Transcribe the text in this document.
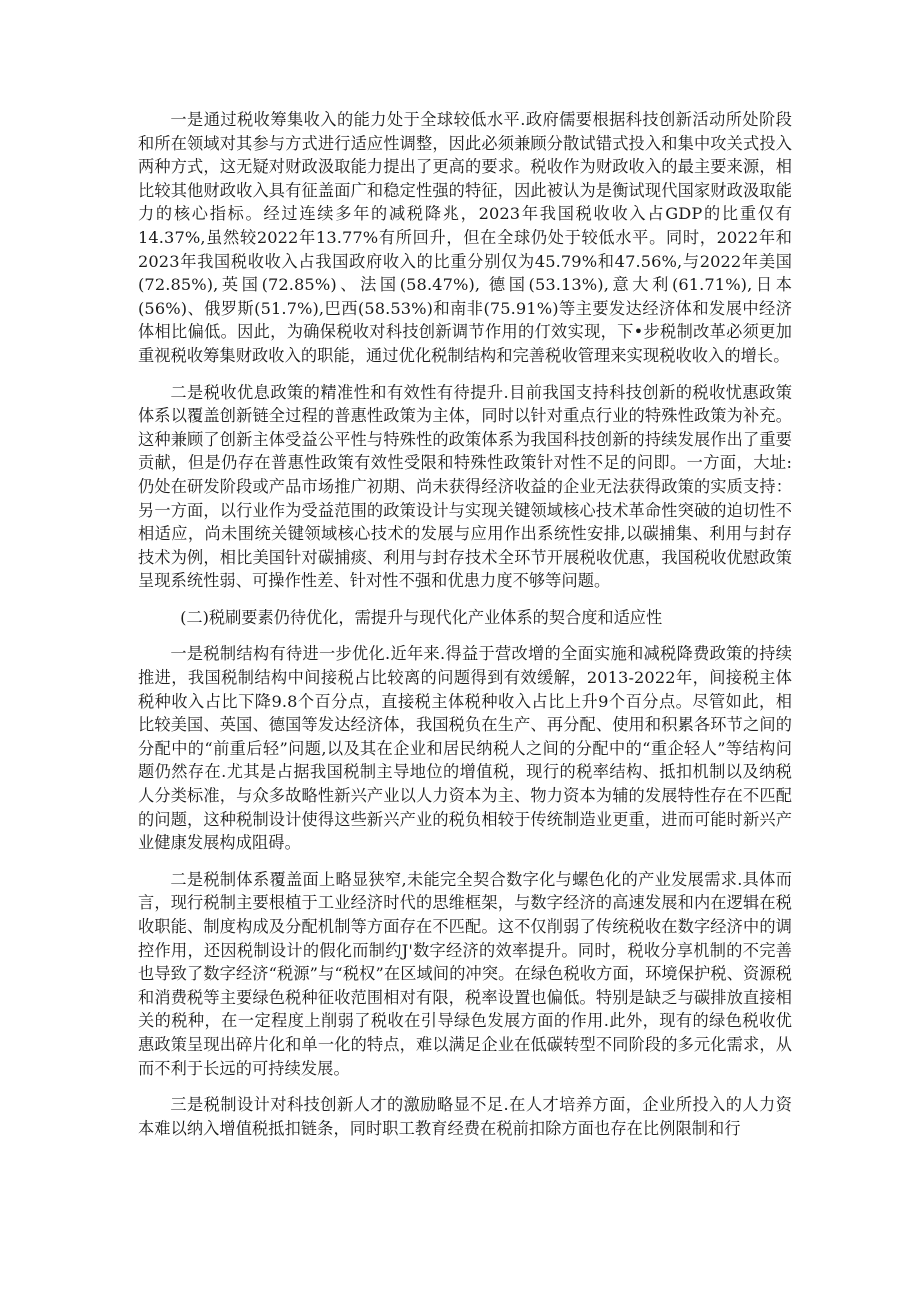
一是通过税收筹集收入的能力处于全球较低水平.政府儒要根据科技创新活动所处阶段和所在领域对其参与方式进行适应性调整，因此必须兼顾分散试错式投入和集中攻关式投入两种方式，这无疑对财政汲取能力提出了更高的要求。税收作为财政收入的最主要来源，相比较其他财政收入具有征盖面广和稳定性强的特征，因此被认为是衡试现代国家财政汲取能力的核心指标。经过连续多年的减税降兆，2023年我国税收收入占GDP的比重仅有14.37%,虽然较2022年13.77%有所回升，但在全球仍处于较低水平。同时，2022年和2023年我国税收收入占我国政府收入的比重分别仅为45.79%和47.56%,与2022年美国(72.85%),英国(72.85%)、法国(58.47%), 德国(53.13%),意大利(61.71%),日本(56%)、俄罗斯(51.7%),巴西(58.53%)和南非(75.91%)等主要发达经济体和发展中经济体相比偏低。因此，为确保税收对科技创新调节作用的仃效实现，下•步税制改革必须更加重视税收筹集财政收入的职能，通过优化税制结构和完善税收管理来实现税收收入的增长。

二是税收优息政策的精准性和有效性有待提升.目前我国支持科技创新的税收忧惠政策体系以覆盖创新链全过程的普惠性政策为主体，同时以针对重点行业的特殊性政策为补充。这种兼顾了创新主体受益公平性与特殊性的政策体系为我国科技创新的持续发展作出了重要贡献，但是仍存在普惠性政策有效性受限和特殊性政策针对性不足的问即。一方面，大址:仍处在研发阶段或产品市场推广初期、尚未获得经济收益的企业无法获得政策的实质支持：另一方面，以行业作为受益范围的政策设计与实现关键领域核心技术革命性突破的迫切性不相适应，尚未围统关键领域核心技术的发展与应用作出系统性安排,以碳捕集、利用与封存技术为例，相比美国针对碳捕痰、利用与封存技术全环节开展税收优惠，我国税收优慰政策呈现系统性弱、可操作性差、针对性不强和优患力度不够等问题。

(二)税刷要素仍待优化，需提升与现代化产业体系的契合度和适应性

一是税制结构有待进一步优化.近年来.得益于营改增的全面实施和减税降费政策的持续推进，我国税制结构中间接税占比较离的问题得到有效缓解，2013-2022年，间接税主体税种收入占比下降9.8个百分点，直接税主体税种收入占比上升9个百分点。尽管如此，相比较美国、英国、德国等发达经济体，我国税负在生产、再分配、使用和积累各环节之间的分配中的“前重后轻”问题,以及其在企业和居民纳税人之间的分配中的“重企轻人”等结构问题仍然存在.尤其是占据我国税制主导地位的增值税，现行的税率结构、抵扣机制以及纳税人分类标准，与众多故略性新兴产业以人力资本为主、物力资本为辅的发展特性存在不匹配的问题，这种税制设计使得这些新兴产业的税负相较于传统制造业更重，进而可能时新兴产业健康发展构成阻碍。

二是税制体系覆盖面上略显狭窄,未能完全契合数字化与螺色化的产业发展需求.具体而言，现行税制主要根植于工业经济时代的思维框架，与数字经济的高速发展和内在逻辑在税收职能、制度构成及分配机制等方面存在不匹配。这不仅削弱了传统税收在数字经济中的调控作用，还因税制设计的假化而制约J'数字经济的效率提升。同时，税收分享机制的不完善也导致了数字经济“税源”与“税权”在区域间的冲突。在绿色税收方面，环境保护税、资源税和消费税等主要绿色税种征收范围相对有限，税率设置也偏低。特别是缺乏与碳排放直接相关的税种，在一定程度上削弱了税收在引导绿色发展方面的作用.此外，现有的绿色税收优惠政策呈现出碎片化和单一化的特点，难以满足企业在低碳转型不同阶段的多元化需求，从而不利于长远的可持续发展。

三是税制设计对科技创新人才的激励略显不足.在人才培养方面，企业所投入的人力资本难以纳入增值税抵扣链条，同时职工教育经费在税前扣除方面也存在比例限制和行
